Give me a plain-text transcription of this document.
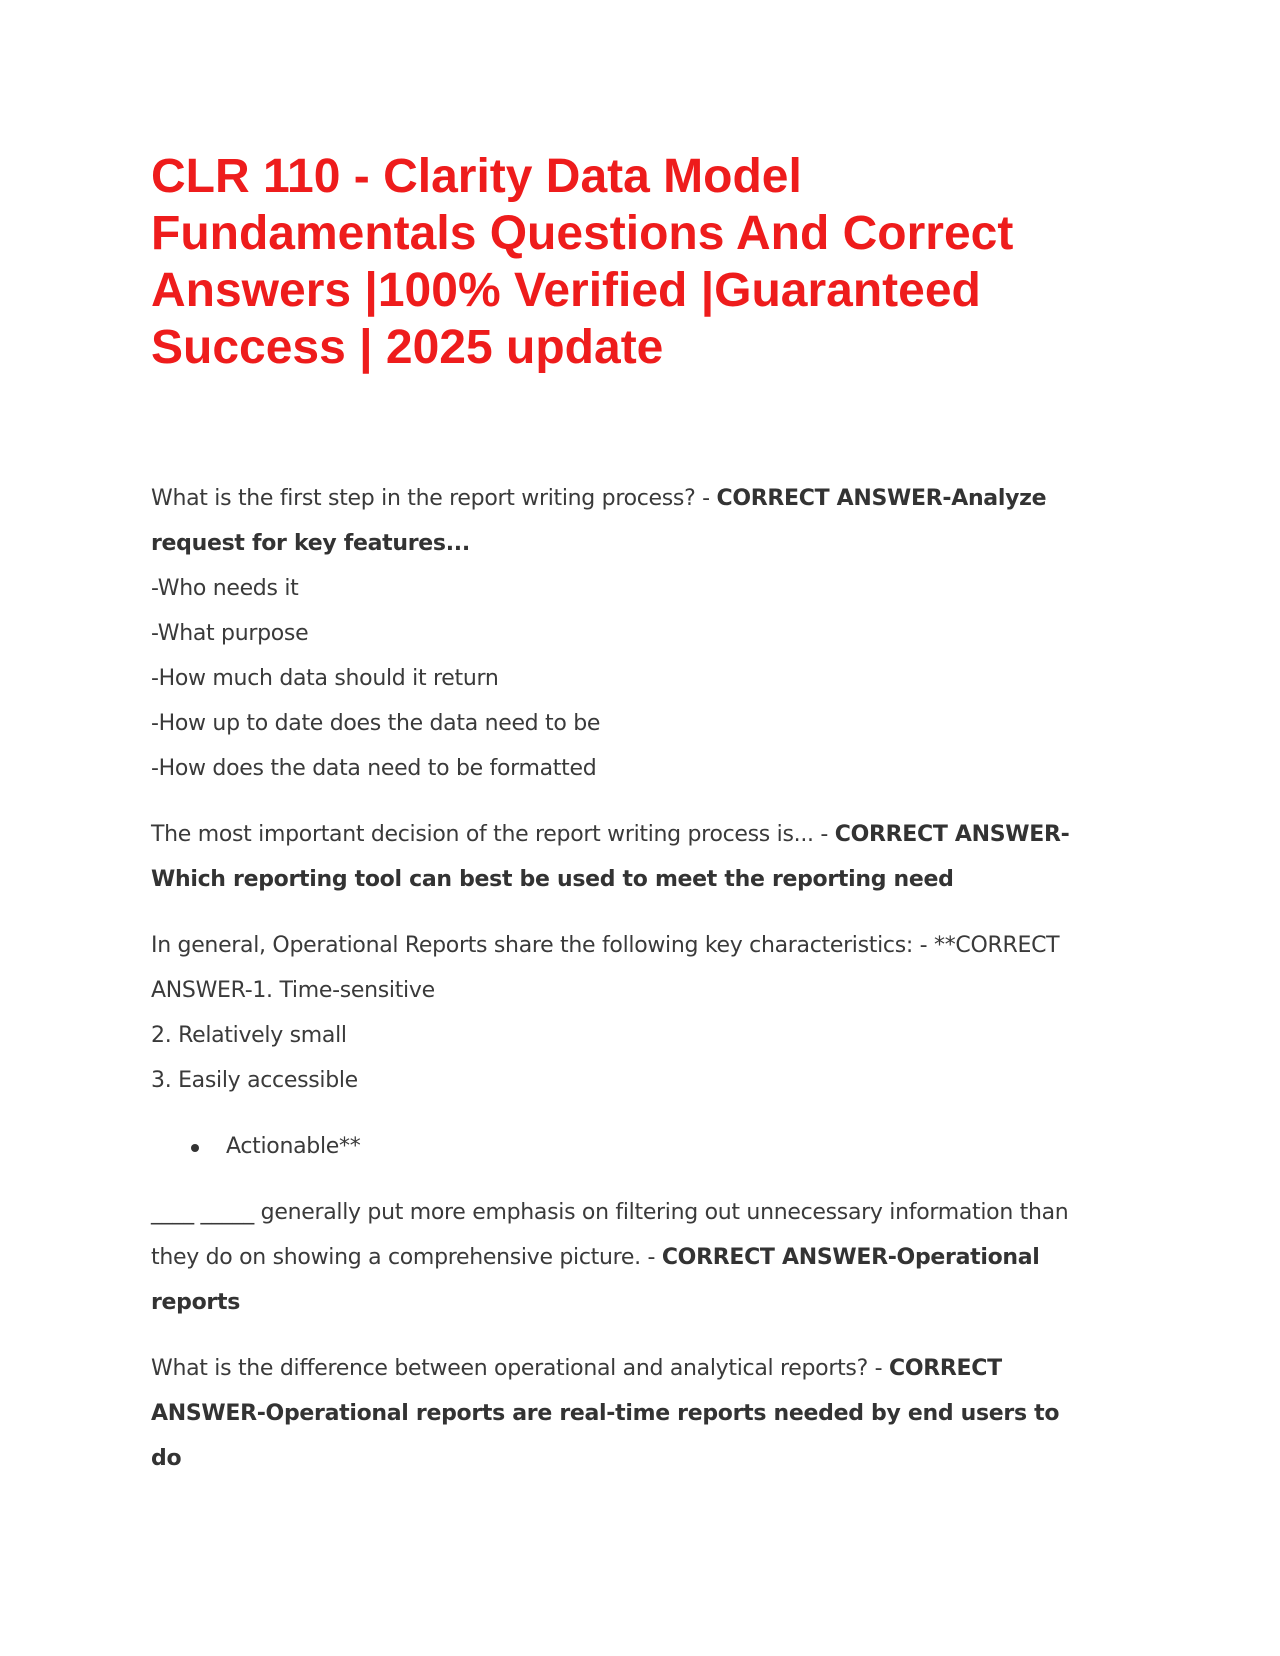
CLR 110 - Clarity Data Model Fundamentals Questions And Correct Answers |100% Verified |Guaranteed Success | 2025 update

What is the first step in the report writing process? - CORRECT ANSWER-Analyze request for key features...

-Who needs it

-What purpose

-How much data should it return

-How up to date does the data need to be

-How does the data need to be formatted

The most important decision of the report writing process is... - CORRECT ANSWER-Which reporting tool can best be used to meet the reporting need

In general, Operational Reports share the following key characteristics: - **CORRECT ANSWER-1. Time-sensitive

2. Relatively small

3. Easily accessible

Actionable**

____ _____ generally put more emphasis on filtering out unnecessary information than they do on showing a comprehensive picture. - CORRECT ANSWER-Operational reports

What is the difference between operational and analytical reports? - CORRECT ANSWER-Operational reports are real-time reports needed by end users to do
